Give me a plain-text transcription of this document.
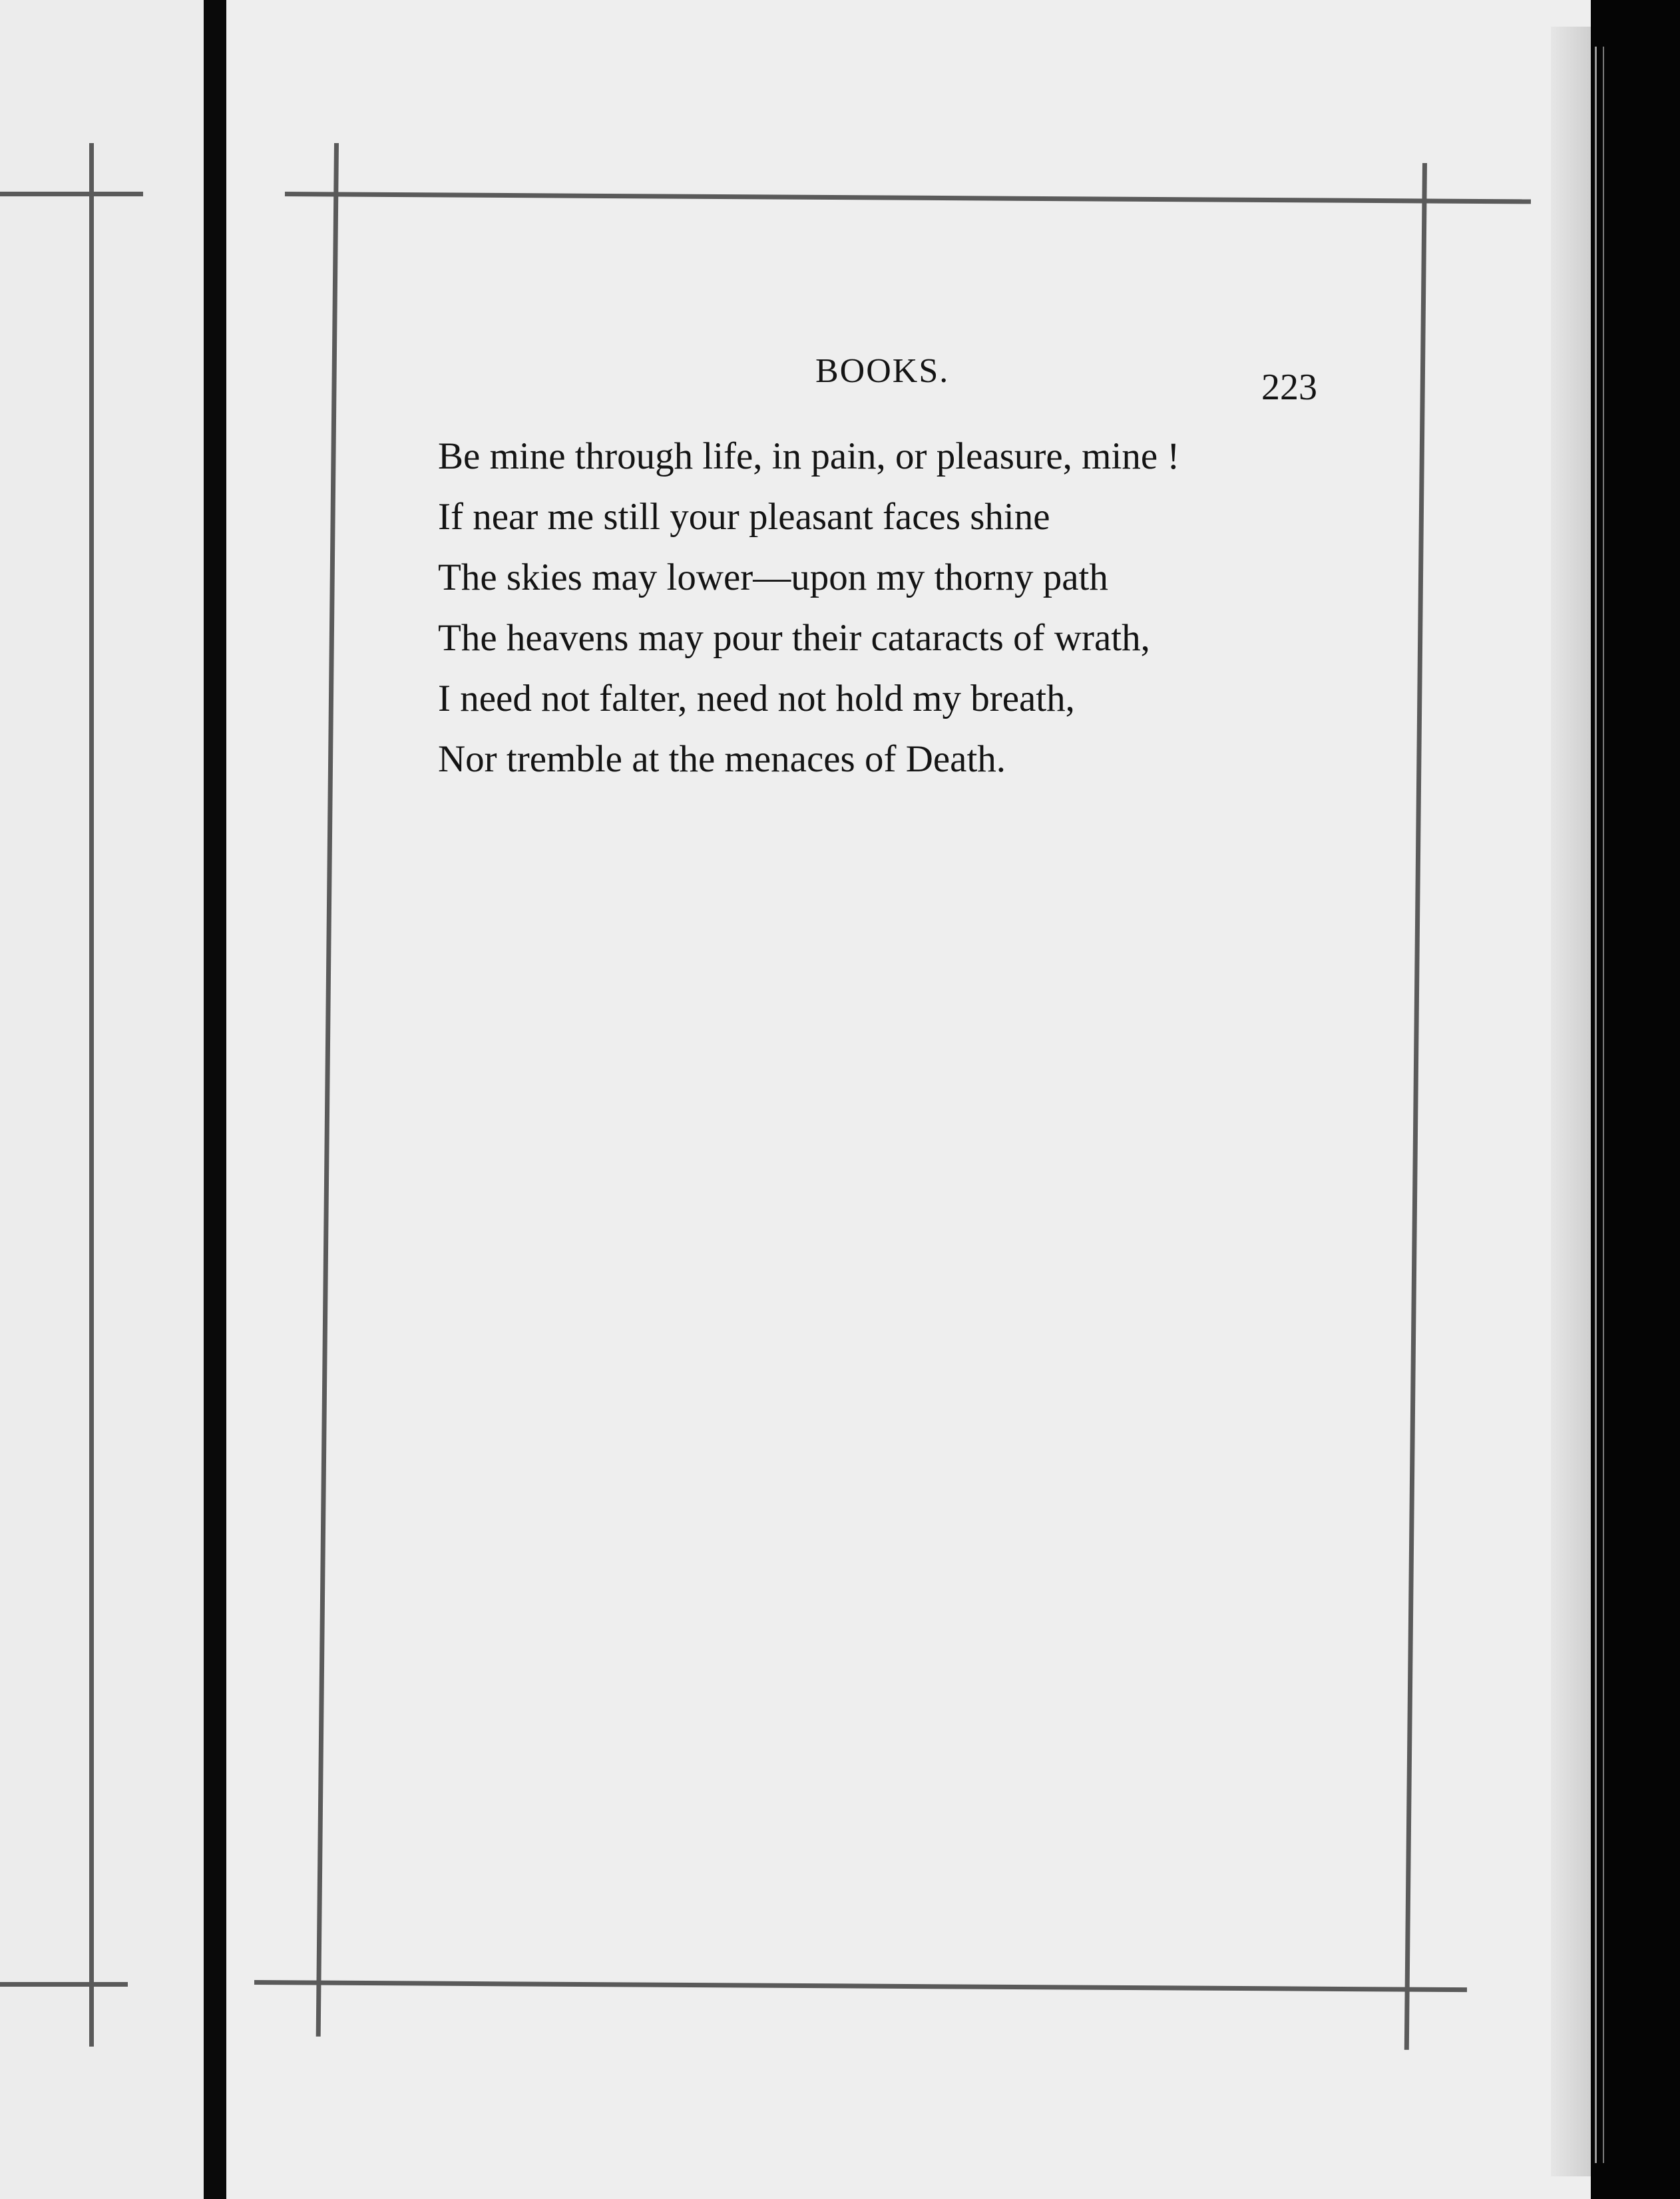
BOOKS.	223
Be mine through life, in pain, or pleasure, mine !
If near me still your pleasant faces shine
The skies may lower—upon my thorny path
The heavens may pour their cataracts of wrath,
I need not falter, need not hold my breath,
Nor tremble at the menaces of Death.
